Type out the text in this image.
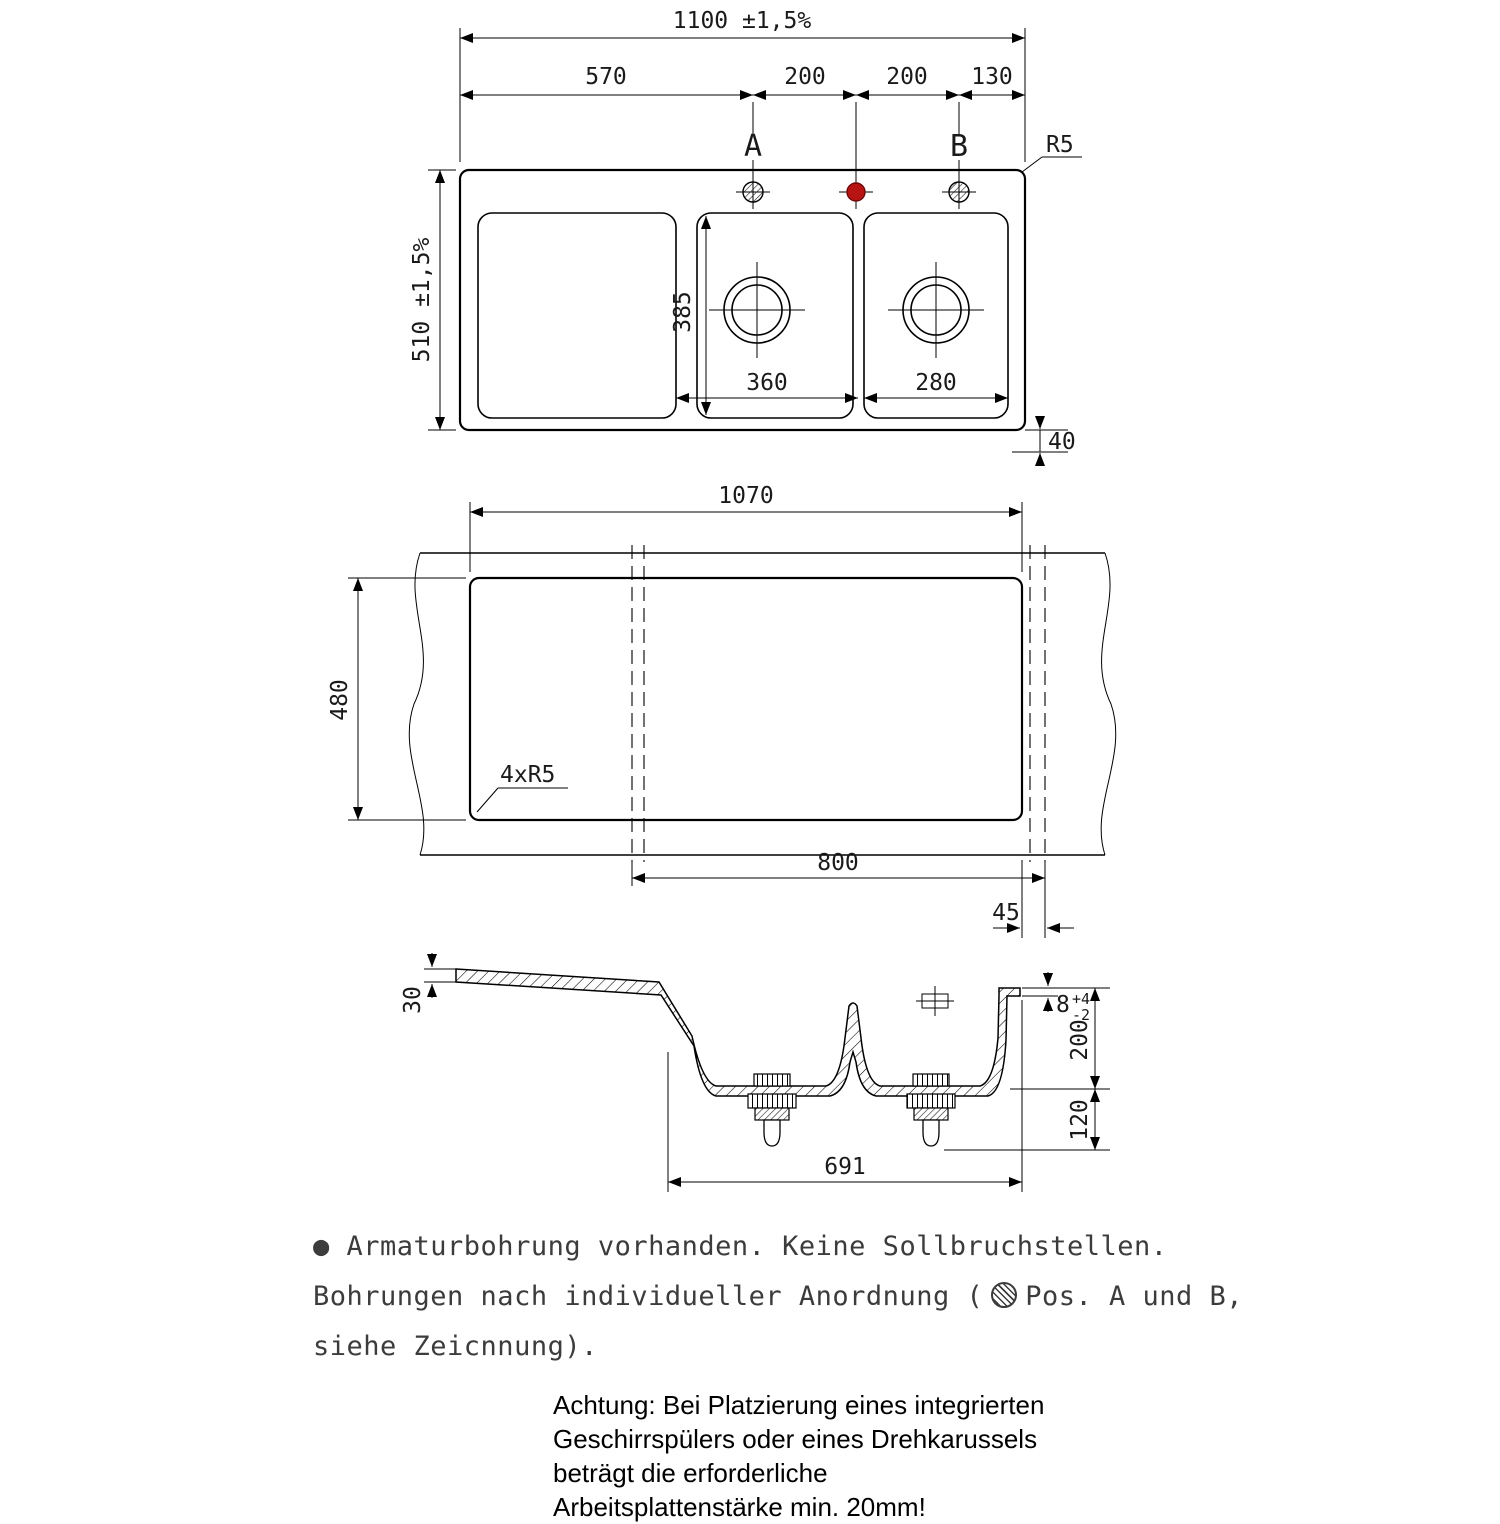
1100 ±1,5%
570	200	200 130
A	B	R5
385
360	280
510 ±1,5%
40
1070
480
4xR5
800
45
30	8 +4
-2
200
120
691
● Armaturbohrung vorhanden. Keine Sollbruchstellen.
Bohrungen nach individueller Anordnung ( Pos. A und B,
siehe Zeicnnung).
Achtung: Bei Platzierung eines integrierten
Geschirrspülers oder eines Drehkarussels
beträgt die erforderliche
Arbeitsplattenstärke min. 20mm!
